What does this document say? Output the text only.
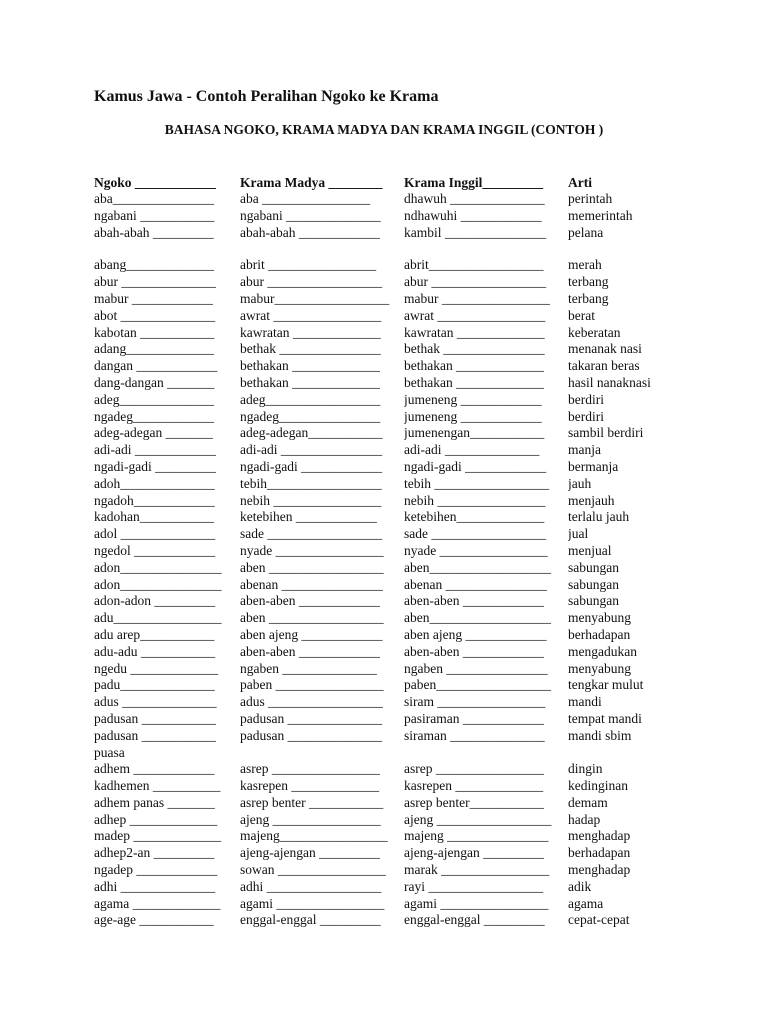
Kamus Jawa - Contoh Peralihan Ngoko ke Krama
BAHASA NGOKO, KRAMA MADYA DAN KRAMA INGGIL (CONTOH )
Ngoko ____________ Krama Madya ________ Krama Inggil_________ Arti
aba_______________	aba ________________	dhawuh ______________	perintah
ngabani ___________	ngabani ______________	ndhawuhi ____________	memerintah
abah-abah _________	abah-abah ____________	kambil _______________	pelana
abang_____________	abrit ________________	abrit_________________	merah
abur ______________	abur _________________	abur _________________	terbang
mabur ____________	mabur_________________	mabur ________________	terbang
abot ______________	awrat ________________	awrat ________________	berat
kabotan ___________	kawratan _____________	kawratan _____________	keberatan
adang_____________	bethak _______________	bethak _______________	menanak nasi
dangan ____________	bethakan _____________	bethakan _____________	takaran beras
dang-dangan _______	bethakan _____________	bethakan _____________	hasil nanaknasi
adeg______________	adeg_________________	jumeneng ____________	berdiri
ngadeg____________	ngadeg_______________	jumeneng ____________	berdiri
adeg-adegan _______	adeg-adegan___________	jumenengan___________	sambil berdiri
adi-adi ____________	adi-adi _______________	adi-adi ______________	manja
ngadi-gadi _________	ngadi-gadi ____________	ngadi-gadi ____________	bermanja
adoh______________	tebih_________________	tebih _________________	jauh
ngadoh____________	nebih ________________	nebih ________________	menjauh
kadohan___________	ketebihen ____________	ketebihen_____________	terlalu jauh
adol ______________	sade _________________	sade _________________	jual
ngedol ____________	nyade ________________	nyade ________________	menjual
adon_______________	aben _________________	aben__________________	sabungan
adon_______________	abenan _______________	abenan _______________	sabungan
adon-adon _________	aben-aben ____________	aben-aben ____________	sabungan
adu________________	aben _________________	aben__________________	menyabung
adu arep___________	aben ajeng ____________	aben ajeng ____________	berhadapan
adu-adu ___________	aben-aben ____________	aben-aben ____________	mengadukan
ngedu _____________	ngaben ______________	ngaben _______________	menyabung
padu______________	paben ________________	paben_________________	tengkar mulut
adus ______________	adus _________________	siram ________________	mandi
padusan ___________	padusan ______________	pasiraman ____________	tempat mandi
padusan ___________	padusan ______________	siraman ______________	mandi sbim
puasa
adhem ____________	asrep ________________	asrep ________________	dingin
kadhemen __________	kasrepen _____________	kasrepen _____________	kedinginan
adhem panas _______	asrep benter ___________	asrep benter___________	demam
adhep _____________	ajeng ________________	ajeng _________________	hadap
madep _____________	majeng________________	majeng _______________	menghadap
adhep2-an _________	ajeng-ajengan _________	ajeng-ajengan _________	berhadapan
ngadep ____________	sowan ________________	marak ________________	menghadap
adhi ______________	adhi _________________	rayi _________________	adik
agama _____________	agami ________________	agami ________________	agama
age-age ___________	enggal-enggal _________	enggal-enggal _________	cepat-cepat
